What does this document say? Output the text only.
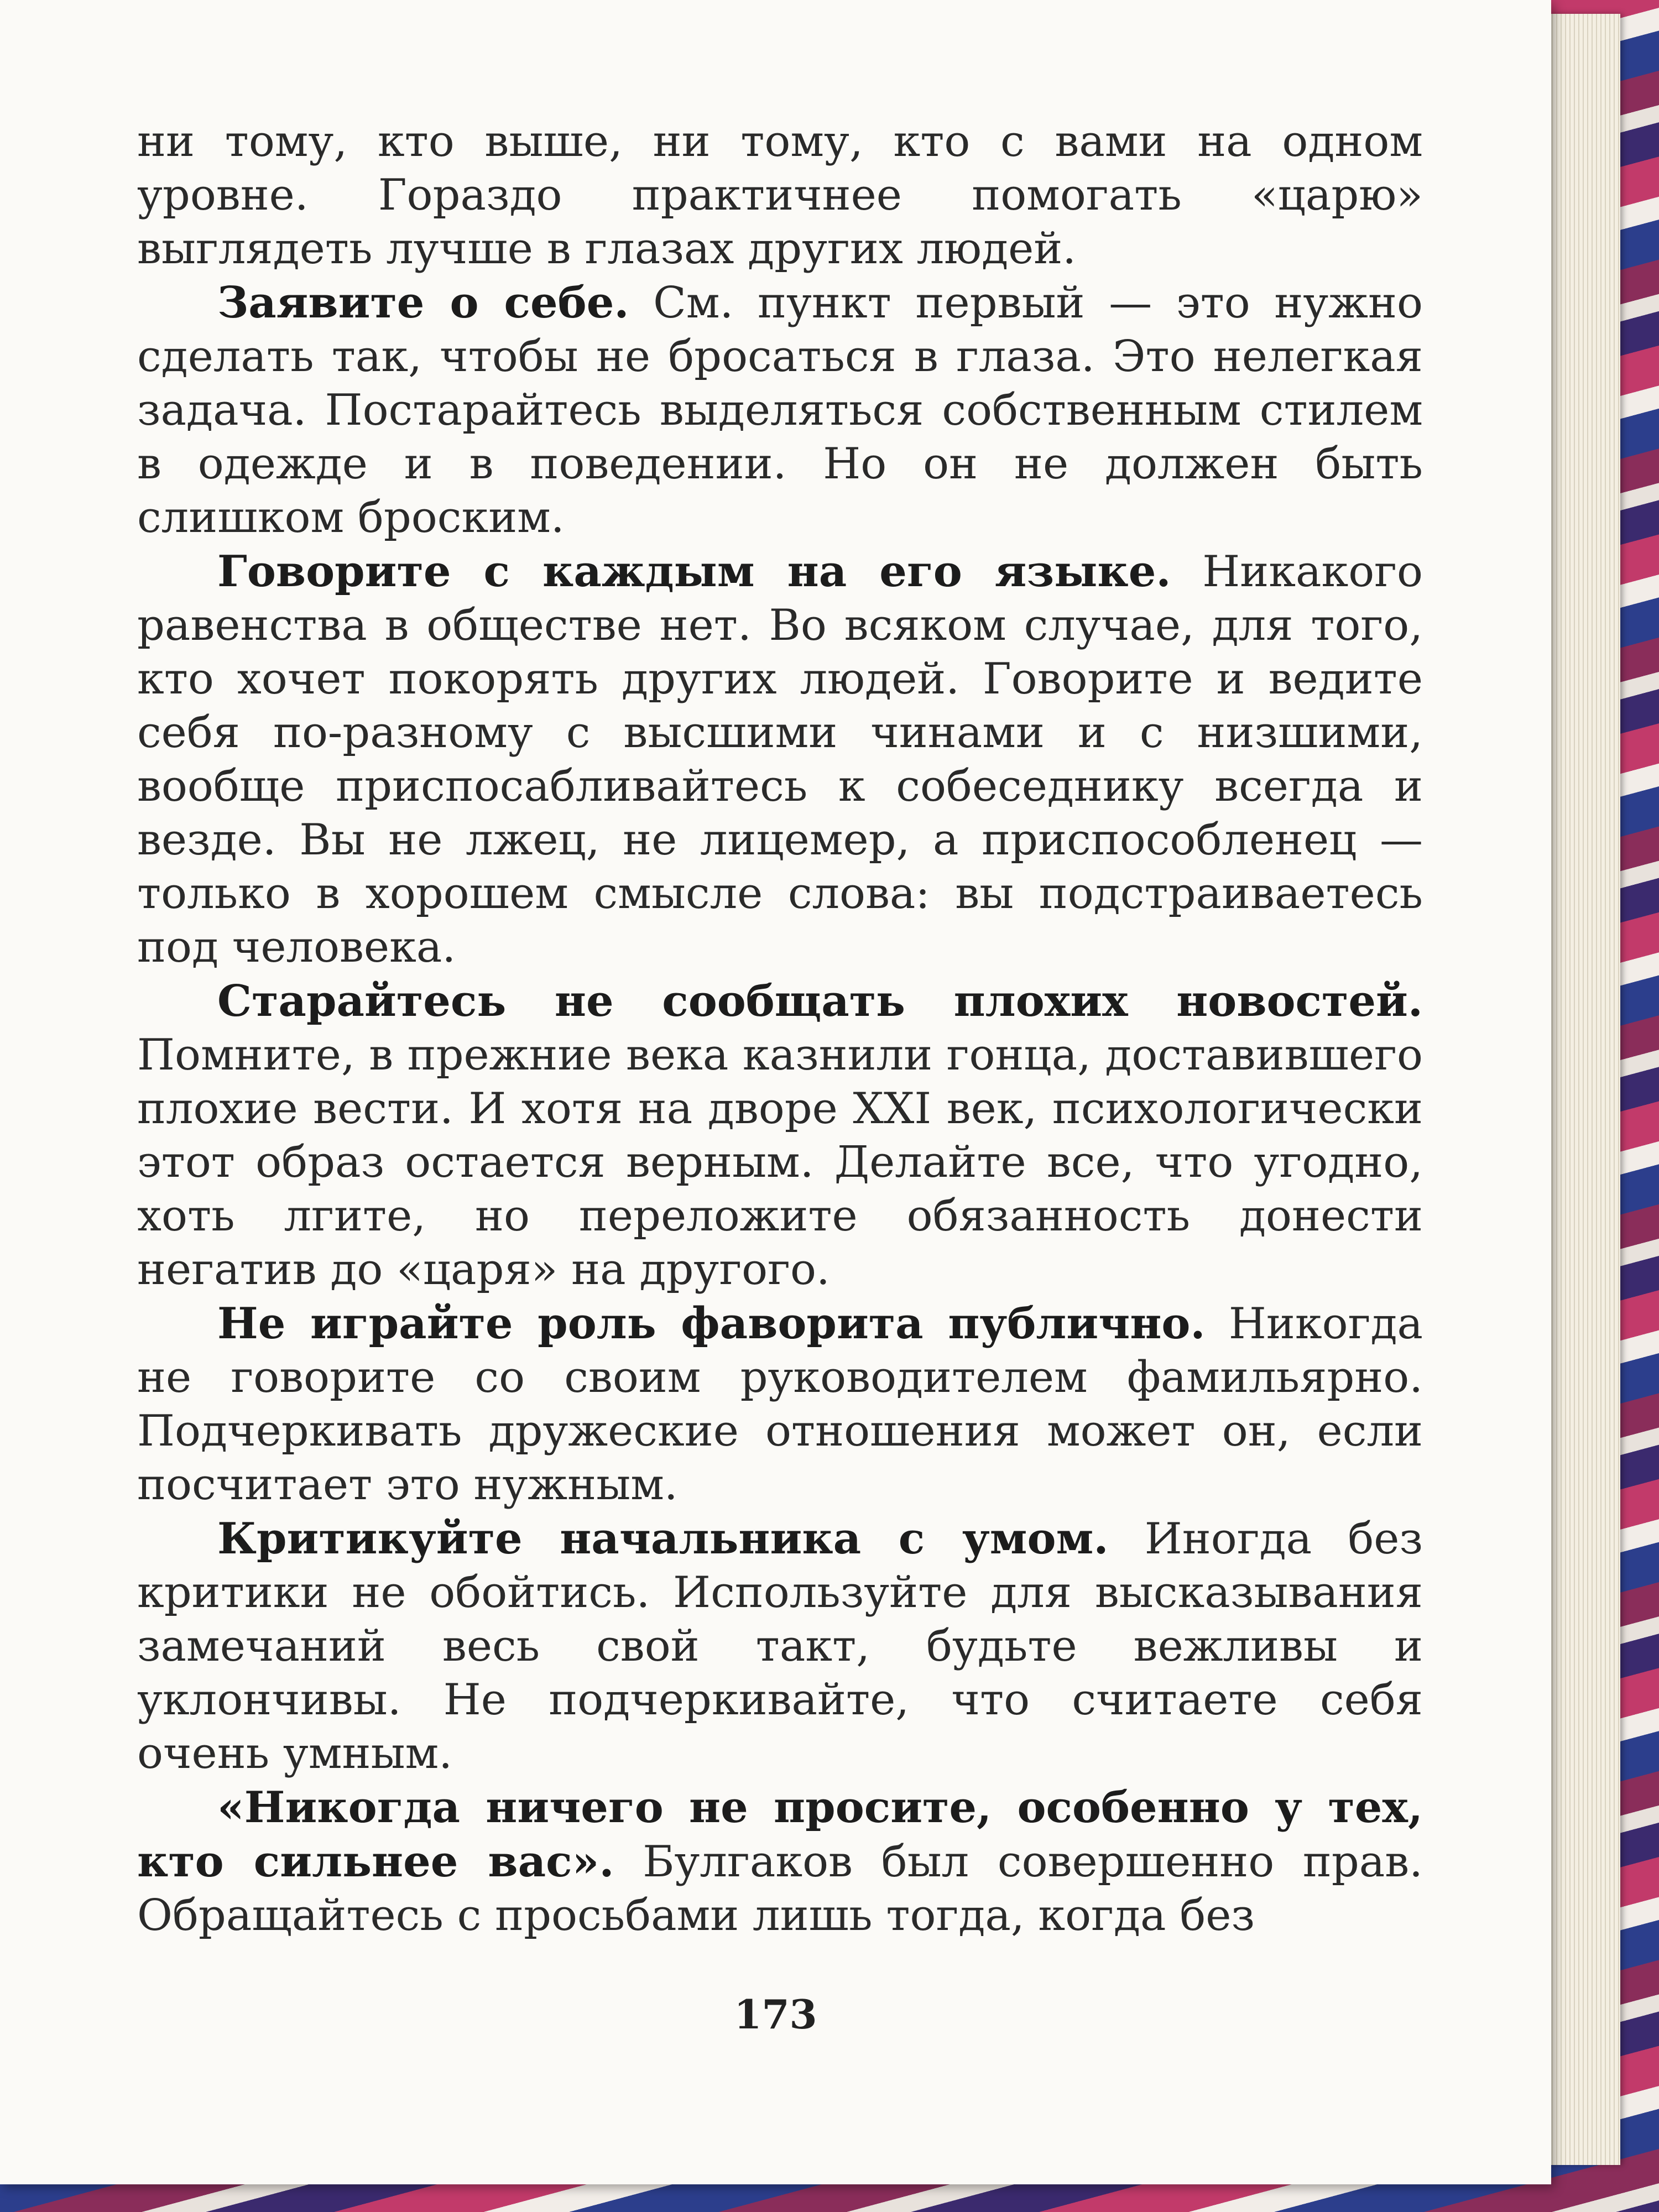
ни тому, кто выше, ни тому, кто с вами на одном уровне. Гораздо практичнее помогать «царю» выглядеть лучше в глазах других людей.

Заявите о себе. См. пункт первый — это нужно сделать так, чтобы не бросаться в глаза. Это нелегкая задача. Постарайтесь выделяться собственным стилем в одежде и в поведении. Но он не должен быть слишком броским.

Говорите с каждым на его языке. Никакого равенства в обществе нет. Во всяком случае, для того, кто хочет покорять других людей. Говорите и ведите себя по-разному с высшими чинами и с низшими, вообще приспосабливайтесь к собеседнику всегда и везде. Вы не лжец, не лицемер, а приспособленец — только в хорошем смысле слова: вы подстраиваетесь под человека.

Старайтесь не сообщать плохих новостей. Помните, в прежние века казнили гонца, доставившего плохие вести. И хотя на дворе XXI век, психологически этот образ остается верным. Делайте все, что угодно, хоть лгите, но переложите обязанность донести негатив до «царя» на другого.

Не играйте роль фаворита публично. Никогда не говорите со своим руководителем фамильярно. Подчеркивать дружеские отношения может он, если посчитает это нужным.

Критикуйте начальника с умом. Иногда без критики не обойтись. Используйте для высказывания замечаний весь свой такт, будьте вежливы и уклончивы. Не подчеркивайте, что считаете себя очень умным.

«Никогда ничего не просите, особенно у тех, кто сильнее вас». Булгаков был совершенно прав. Обращайтесь с просьбами лишь тогда, когда без

173
